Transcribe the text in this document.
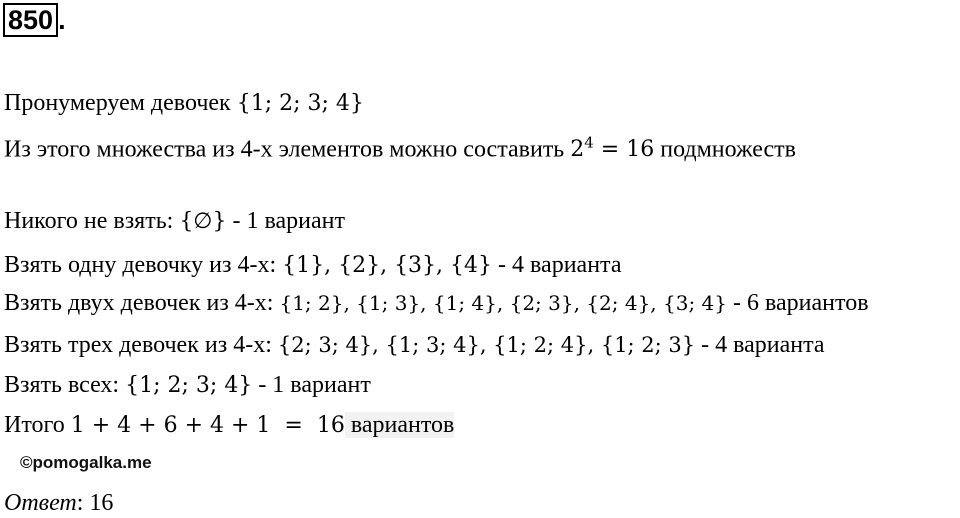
850 .
Пронумеруем девочек {1; 2; 3; 4}
Из этого множества из 4-х элементов можно составить $2^4 = 16$ подмножеств
Никого не взять: {∅} - 1 вариант
Взять одну девочку из 4-х: {1}, {2}, {3}, {4} - 4 варианта
Взять двух девочек из 4-х: {1; 2}, {1; 3}, {1; 4}, {2; 3}, {2; 4}, {3; 4} - 6 вариантов
Взять трех девочек из 4-х: {2; 3; 4}, {1; 3; 4}, {1; 2; 4}, {1; 2; 3} - 4 варианта
Взять всех: {1; 2; 3; 4} - 1 вариант
Итого 1 + 4 + 6 + 4 + 1  =  16 вариантов
©pomogalka.me
Ответ: 16
